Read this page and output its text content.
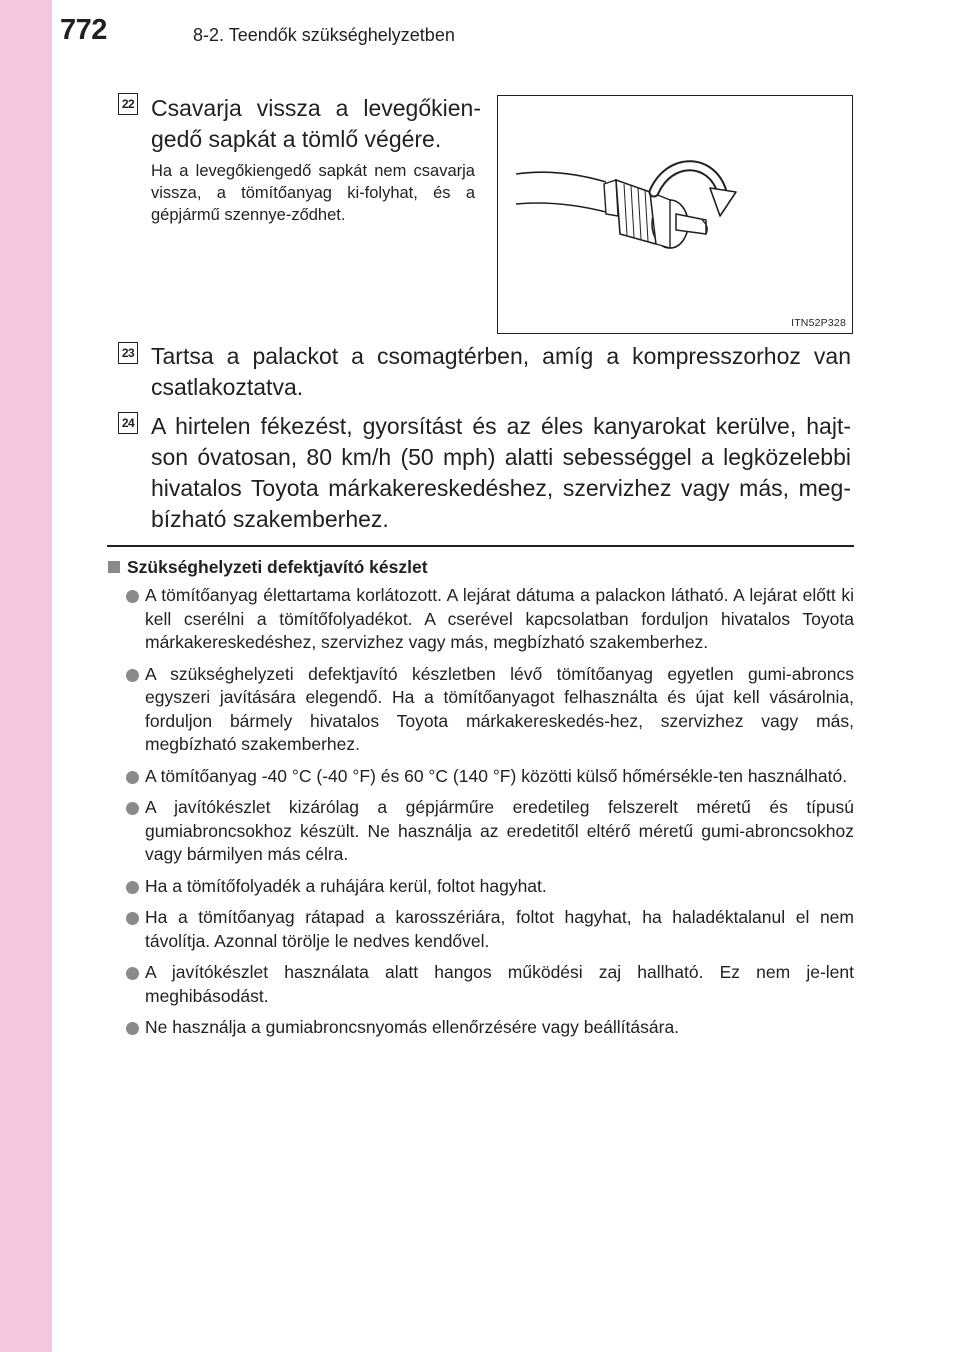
772	8-2. Teendők szükséghelyzetben
22 Csavarja vissza a levegőkien-gedő sapkát a tömlő végére.
Ha a levegőkiengedő sapkát nem csavarja vissza, a tömítőanyag ki-folyhat, és a gépjármű szennye-ződhet.
ITN52P328
23 Tartsa a palackot a csomagtérben, amíg a kompresszorhoz van csatlakoztatva.
24 A hirtelen fékezést, gyorsítást és az éles kanyarokat kerülve, hajt-son óvatosan, 80 km/h (50 mph) alatti sebességgel a legközelebbi hivatalos Toyota márkakereskedéshez, szervizhez vagy más, meg-bízható szakemberhez.
Szükséghelyzeti defektjavító készlet
A tömítőanyag élettartama korlátozott. A lejárat dátuma a palackon látható. A lejárat előtt ki kell cserélni a tömítőfolyadékot. A cserével kapcsolatban forduljon hivatalos Toyota márkakereskedéshez, szervizhez vagy más, megbízható szakemberhez.
A szükséghelyzeti defektjavító készletben lévő tömítőanyag egyetlen gumi-abroncs egyszeri javítására elegendő. Ha a tömítőanyagot felhasználta és újat kell vásárolnia, forduljon bármely hivatalos Toyota márkakereskedés-hez, szervizhez vagy más, megbízható szakemberhez.
A tömítőanyag -40 °C (-40 °F) és 60 °C (140 °F) közötti külső hőmérsékle-ten használható.
A javítókészlet kizárólag a gépjárműre eredetileg felszerelt méretű és típusú gumiabroncsokhoz készült. Ne használja az eredetitől eltérő méretű gumi-abroncsokhoz vagy bármilyen más célra.
Ha a tömítőfolyadék a ruhájára kerül, foltot hagyhat.
Ha a tömítőanyag rátapad a karosszériára, foltot hagyhat, ha haladéktalanul el nem távolítja. Azonnal törölje le nedves kendővel.
A javítókészlet használata alatt hangos működési zaj hallható. Ez nem je-lent meghibásodást.
Ne használja a gumiabroncsnyomás ellenőrzésére vagy beállítására.
